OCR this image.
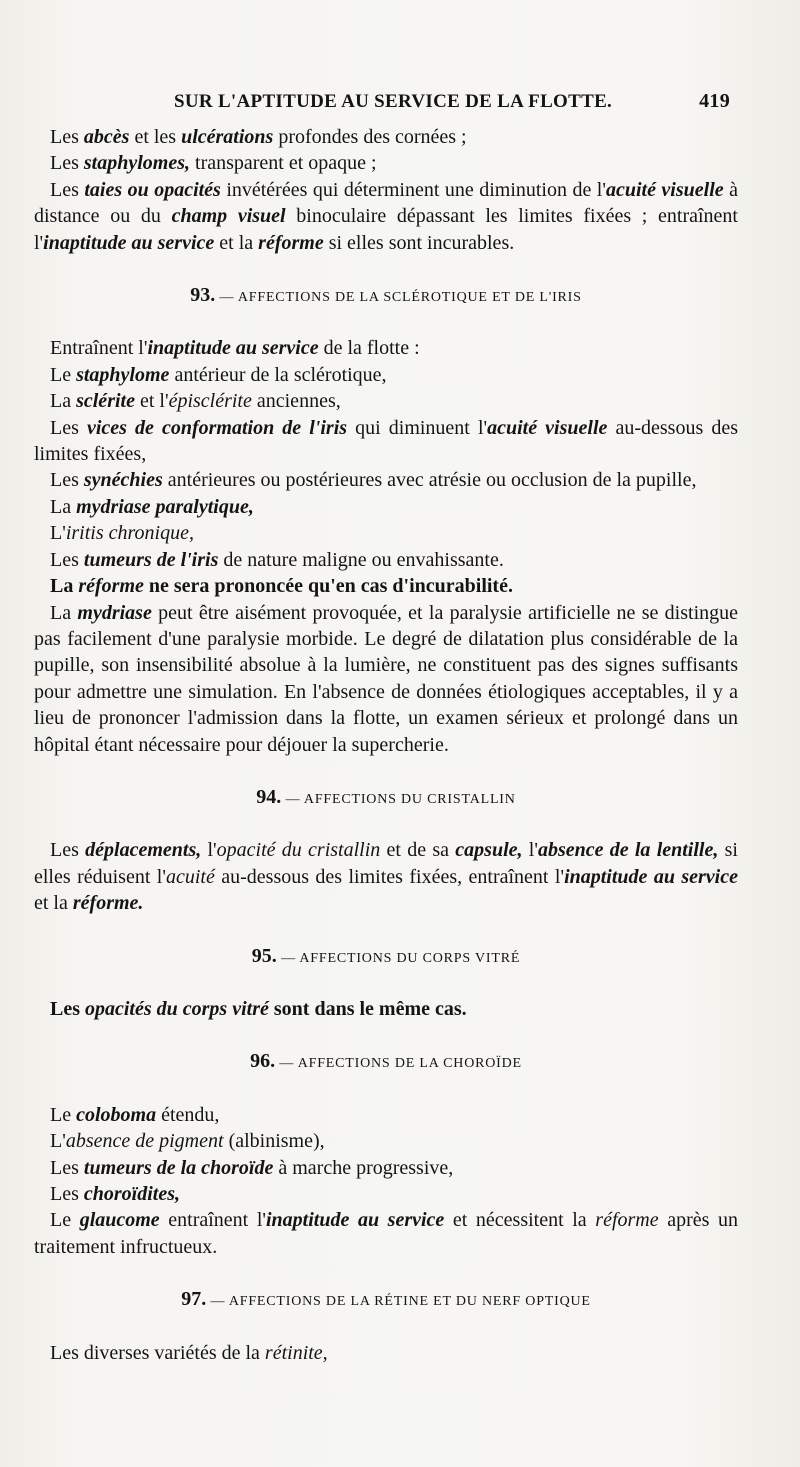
SUR L'APTITUDE AU SERVICE DE LA FLOTTE.	419

Les abcès et les ulcérations profondes des cornées ;

Les staphylomes, transparent et opaque ;

Les taies ou opacités invétérées qui déterminent une diminution de l'acuité visuelle à distance ou du champ visuel binoculaire dépassant les limites fixées ; entraînent l'inaptitude au service et la réforme si elles sont incurables.

93. — AFFECTIONS DE LA SCLÉROTIQUE ET DE L'IRIS

Entraînent l'inaptitude au service de la flotte :

Le staphylome antérieur de la sclérotique,

La sclérite et l'épisclérite anciennes,

Les vices de conformation de l'iris qui diminuent l'acuité visuelle au-dessous des limites fixées,

Les synéchies antérieures ou postérieures avec atrésie ou occlusion de la pupille,

La mydriase paralytique,

L'iritis chronique,

Les tumeurs de l'iris de nature maligne ou envahissante.

La réforme ne sera prononcée qu'en cas d'incurabilité.

La mydriase peut être aisément provoquée, et la paralysie artificielle ne se distingue pas facilement d'une paralysie morbide. Le degré de dilatation plus considérable de la pupille, son insensibilité absolue à la lumière, ne constituent pas des signes suffisants pour admettre une simulation. En l'absence de données étiologiques acceptables, il y a lieu de prononcer l'admission dans la flotte, un examen sérieux et prolongé dans un hôpital étant nécessaire pour déjouer la supercherie.

94. — AFFECTIONS DU CRISTALLIN

Les déplacements, l'opacité du cristallin et de sa capsule, l'absence de la lentille, si elles réduisent l'acuité au-dessous des limites fixées, entraînent l'inaptitude au service et la réforme.

95. — AFFECTIONS DU CORPS VITRÉ

Les opacités du corps vitré sont dans le même cas.

96. — AFFECTIONS DE LA CHOROÏDE

Le coloboma étendu,

L'absence de pigment (albinisme),

Les tumeurs de la choroïde à marche progressive,

Les choroïdites,

Le glaucome entraînent l'inaptitude au service et nécessitent la réforme après un traitement infructueux.

97. — AFFECTIONS DE LA RÉTINE ET DU NERF OPTIQUE

Les diverses variétés de la rétinite,
